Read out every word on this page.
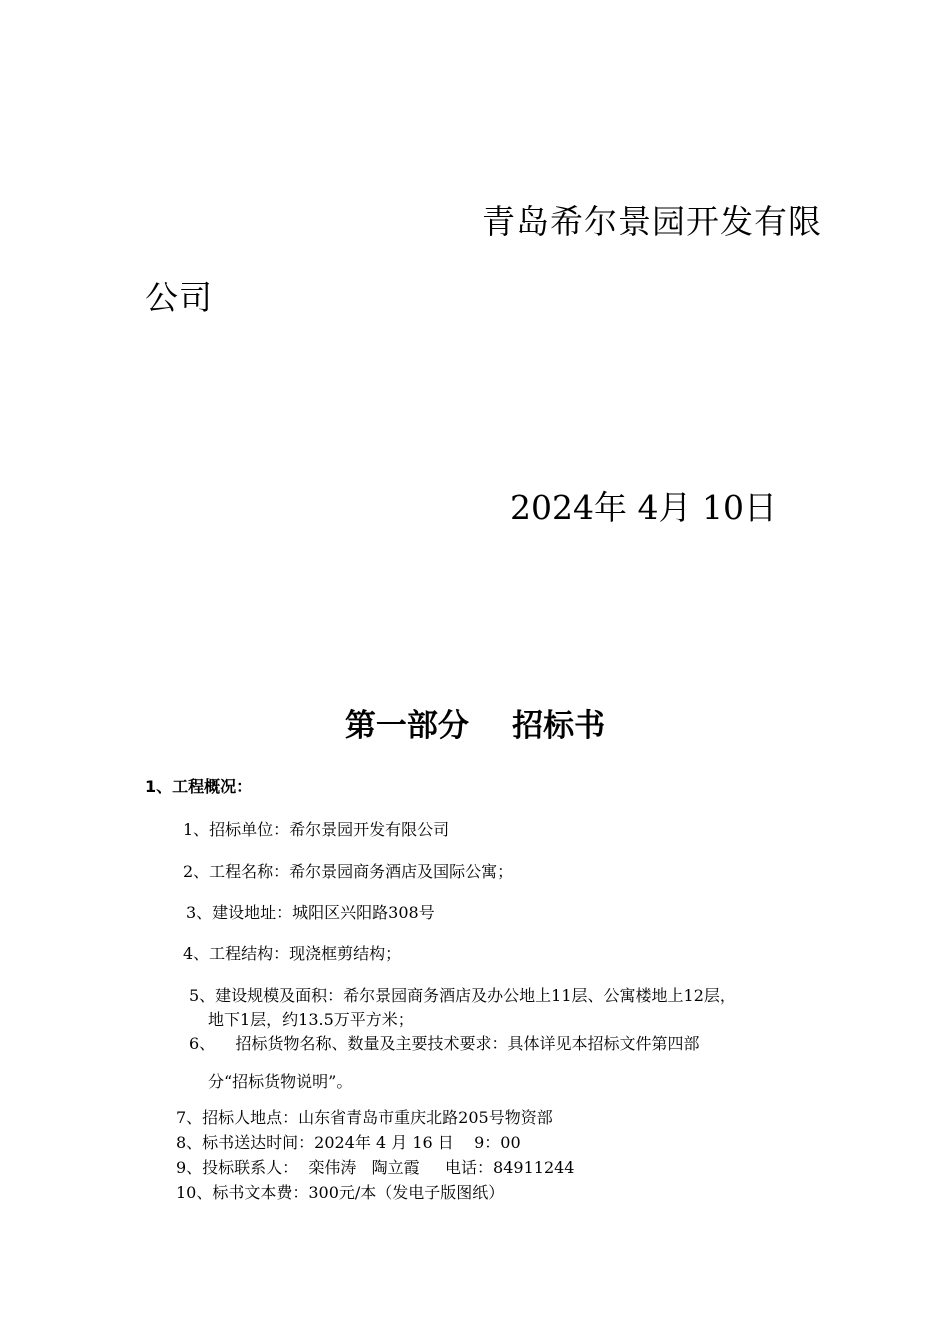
青岛希尔景园开发有限
公司
2024年 4月 10日
第一部分    招标书
1、工程概况：
1、招标单位：希尔景园开发有限公司
2、工程名称：希尔景园商务酒店及国际公寓；
3、建设地址：城阳区兴阳路308号
4、工程结构：现浇框剪结构；
5、建设规模及面积：希尔景园商务酒店及办公地上11层、公寓楼地上12层，
地下1层，约13.5万平方米；
6、    招标货物名称、数量及主要技术要求：具体详见本招标文件第四部
分“招标货物说明”。
7、招标人地点：山东省青岛市重庆北路205号物资部
8、标书送达时间：2024年 4 月 16 日    9：00
9、投标联系人：  栾伟涛   陶立霞     电话：84911244
10、标书文本费：300元/本（发电子版图纸）
